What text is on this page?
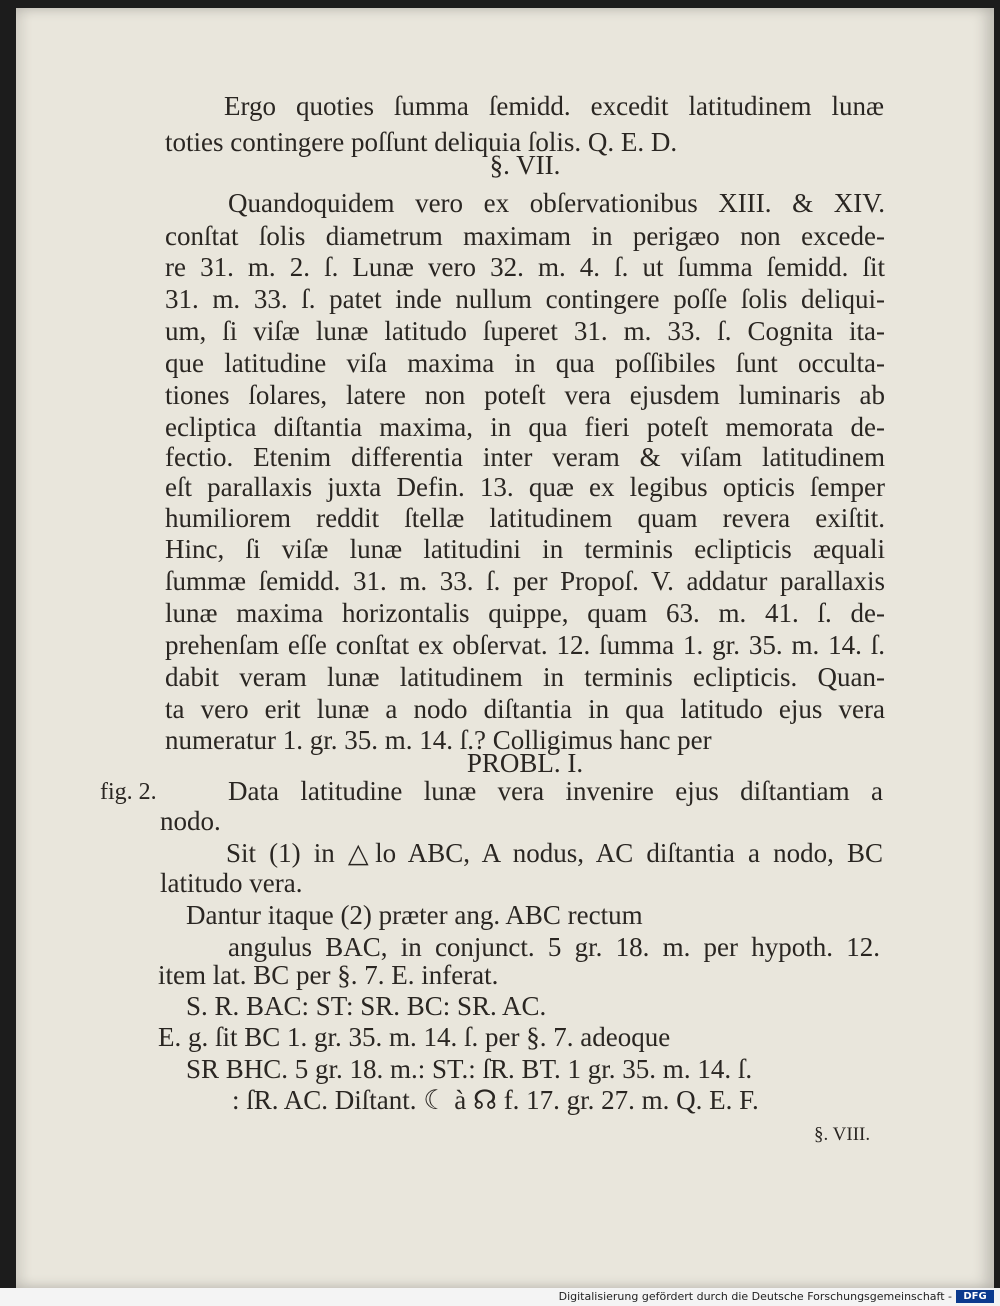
Ergo quoties ſumma ſemidd. excedit latitudinem lunæ
toties contingere poſſunt deliquia ſolis. Q. E. D.
§. VII.
Quandoquidem vero ex obſervationibus XIII. & XIV.
conſtat ſolis diametrum maximam in perigæo non excede-
re 31. m. 2. ſ. Lunæ vero 32. m. 4. ſ. ut ſumma ſemidd. ſit
31. m. 33. ſ. patet inde nullum contingere poſſe ſolis deliqui-
um, ſi viſæ lunæ latitudo ſuperet 31. m. 33. ſ. Cognita ita-
que latitudine viſa maxima in qua poſſibiles ſunt occulta-
tiones ſolares, latere non poteſt vera ejusdem luminaris ab
ecliptica diſtantia maxima, in qua fieri poteſt memorata de-
fectio. Etenim differentia inter veram & viſam latitudinem
eſt parallaxis juxta Defin. 13. quæ ex legibus opticis ſemper
humiliorem reddit ſtellæ latitudinem quam revera exiſtit.
Hinc, ſi viſæ lunæ latitudini in terminis eclipticis æquali
ſummæ ſemidd. 31. m. 33. ſ. per Propoſ. V. addatur parallaxis
lunæ maxima horizontalis quippe, quam 63. m. 41. ſ. de-
prehenſam eſſe conſtat ex obſervat. 12. ſumma 1. gr. 35. m. 14. ſ.
dabit veram lunæ latitudinem in terminis eclipticis. Quan-
ta vero erit lunæ a nodo diſtantia in qua latitudo ejus vera
numeratur 1. gr. 35. m. 14. ſ.? Colligimus hanc per
PROBL. I.
fig. 2.	Data latitudine lunæ vera invenire ejus diſtantiam a
nodo.
Sit (1) in △lo ABC, A nodus, AC diſtantia a nodo, BC
latitudo vera.
Dantur itaque (2) præter ang. ABC rectum
angulus BAC, in conjunct. 5 gr. 18. m. per hypoth. 12.
item lat. BC per §. 7. E. inferat.
S. R. BAC: ST: SR. BC: SR. AC.
E. g. ſit BC 1. gr. 35. m. 14. ſ. per §. 7. adeoque
SR BHC. 5 gr. 18. m.: ST.: ſR. BT. 1 gr. 35. m. 14. ſ.
: ſR. AC. Diſtant. ☾ à ☊ f. 17. gr. 27. m. Q. E. F.
§. VIII.
Digitalisierung gefördert durch die Deutsche Forschungsgemeinschaft -	DFG
